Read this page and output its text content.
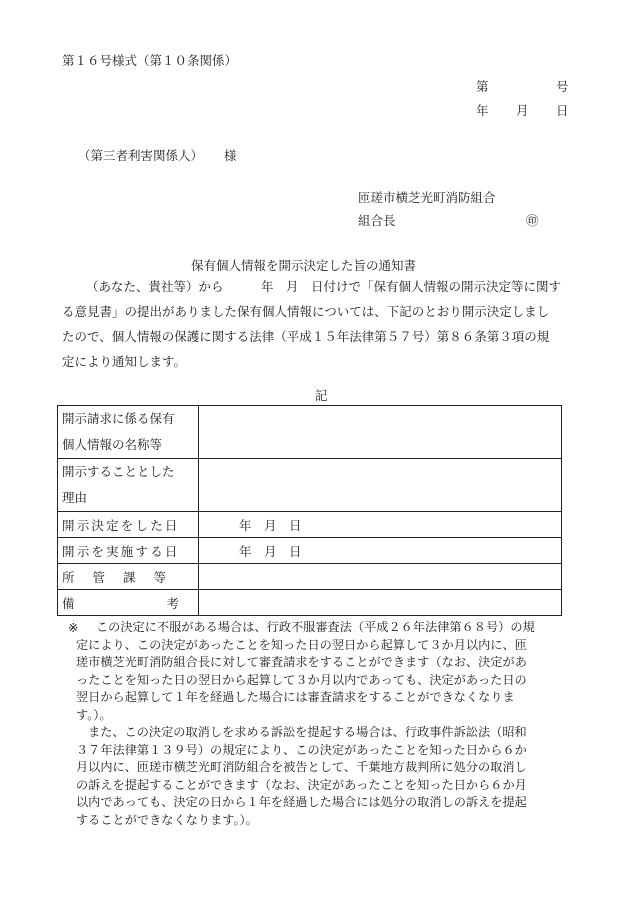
第１６号様式（第１０条関係）
第	号
年 月 日
（第三者利害関係人） 様
匝瑳市横芝光町消防組合
組合長	㊞
保有個人情報を開示決定した旨の通知書
（あなた、貴社等）から　　　年　月　日付けで「保有個人情報の開示決定等に関す
る意見書」の提出がありました保有個人情報については、下記のとおり開示決定しまし
たので、個人情報の保護に関する法律（平成１５年法律第５７号）第８６条第３項の規
定により通知します。
記
開示請求に係る保有
個人情報の名称等	

開示することとした
理由	

開示決定をした日	年　月　日
開示を実施する日	年　月　日

所管課等	

備考	

※	この決定に不服がある場合は、行政不服審査法（平成２６年法律第６８号）の規
定により、この決定があったことを知った日の翌日から起算して３か月以内に、匝
瑳市横芝光町消防組合長に対して審査請求をすることができます（なお、決定があ
ったことを知った日の翌日から起算して３か月以内であっても、決定があった日の
翌日から起算して１年を経過した場合には審査請求をすることができなくなりま
す。）。
また、この決定の取消しを求める訴訟を提起する場合は、行政事件訴訟法（昭和
３７年法律第１３９号）の規定により、この決定があったことを知った日から６か
月以内に、匝瑳市横芝光町消防組合を被告として、千葉地方裁判所に処分の取消し
の訴えを提起することができます（なお、決定があったことを知った日から６か月
以内であっても、決定の日から１年を経過した場合には処分の取消しの訴えを提起
することができなくなります。）。
